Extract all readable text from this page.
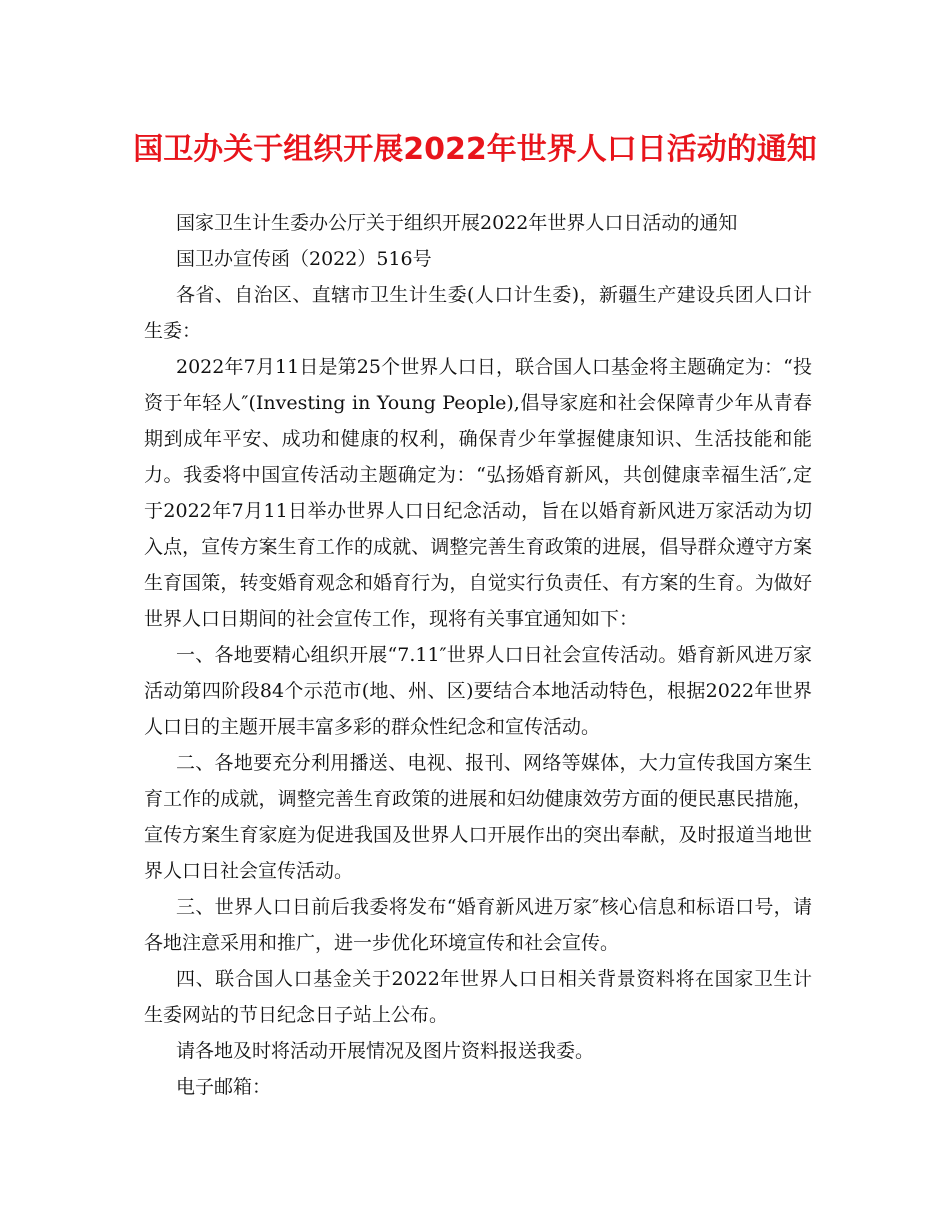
国卫办关于组织开展2022年世界人口日活动的通知

国家卫生计生委办公厅关于组织开展2022年世界人口日活动的通知

国卫办宣传函（2022）516号

各省、自治区、直辖市卫生计生委(人口计生委)，新疆生产建设兵团人口计生委：

2022年7月11日是第25个世界人口日，联合国人口基金将主题确定为：“投资于年轻人″(Investing in Young People),倡导家庭和社会保障青少年从青春期到成年平安、成功和健康的权利，确保青少年掌握健康知识、生活技能和能力。我委将中国宣传活动主题确定为：“弘扬婚育新风，共创健康幸福生活″,定于2022年7月11日举办世界人口日纪念活动，旨在以婚育新风进万家活动为切入点，宣传方案生育工作的成就、调整完善生育政策的进展，倡导群众遵守方案生育国策，转变婚育观念和婚育行为，自觉实行负责任、有方案的生育。为做好世界人口日期间的社会宣传工作，现将有关事宜通知如下：

一、各地要精心组织开展“7.11″世界人口日社会宣传活动。婚育新风进万家活动第四阶段84个示范市(地、州、区)要结合本地活动特色，根据2022年世界人口日的主题开展丰富多彩的群众性纪念和宣传活动。

二、各地要充分利用播送、电视、报刊、网络等媒体，大力宣传我国方案生育工作的成就，调整完善生育政策的进展和妇幼健康效劳方面的便民惠民措施，宣传方案生育家庭为促进我国及世界人口开展作出的突出奉献，及时报道当地世界人口日社会宣传活动。

三、世界人口日前后我委将发布“婚育新风进万家″核心信息和标语口号，请各地注意采用和推广，进一步优化环境宣传和社会宣传。

四、联合国人口基金关于2022年世界人口日相关背景资料将在国家卫生计生委网站的节日纪念日子站上公布。

请各地及时将活动开展情况及图片资料报送我委。

电子邮箱：
